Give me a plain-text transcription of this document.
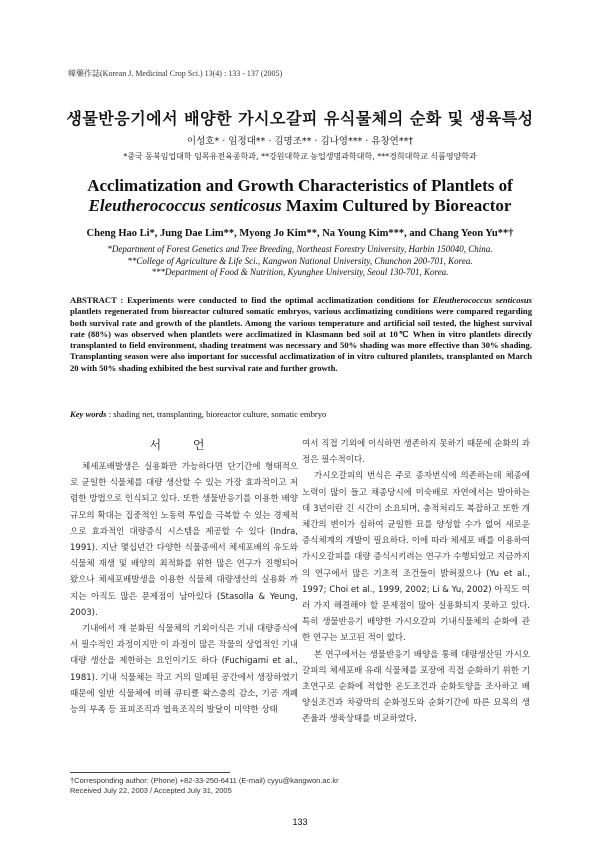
韓藥作誌(Korean J. Medicinal Crop Sci.) 13(4) : 133 - 137 (2005)
생물반응기에서 배양한 가시오갈피 유식물체의 순화 및 생육특성
이성호* · 임정대** · 김명조** · 김나영*** · 유창연**†
*중국 동북임업대학 임목유전육종학과, **강원대학교 농업생명과학대학, ***경희대학교 식품영양학과
Acclimatization and Growth Characteristics of Plantlets of
Eleutherococcus senticosus Maxim Cultured by Bioreactor
Cheng Hao Li*, Jung Dae Lim**, Myong Jo Kim**, Na Young Kim***, and Chang Yeon Yu**†
*Department of Forest Genetics and Tree Breeding, Northeast Forestry University, Harbin 150040, China.
**College of Agriculture & Life Sci., Kangwon National University, Chunchon 200-701, Korea.
***Department of Food & Nutrition, Kyunghee University, Seoul 130-701, Korea.
ABSTRACT : Experiments were conducted to find the optimal acclimatization conditions for Eleutherococcus senticosus plantlets regenerated from bioreactor cultured somatic embryos, various acclimatizing conditions were compared regarding both survival rate and growth of the plantlets. Among the various temperature and artificial soil tested, the highest survival rate (88%) was observed when plantlets were acclimatized in Klasmann bed soil at 10℃ When in vitro plantlets directly transplanted to field environment, shading treatment was necessary and 50% shading was more effective than 30% shading. Transplanting season were also important for successful acclimatization of in vitro cultured plantlets, transplanted on March 20 with 50% shading exhibited the best survival rate and further growth.
Key words : shading net, transplanting, bioreactor culture, somatic embryo
서 언

체세포배발생은 실용화만 가능하다면 단기간에 형태적으로 균일한 식물체를 대량 생산할 수 있는 가장 효과적이고 저렴한 방법으로 인식되고 있다. 또한 생물반응기를 이용한 배양 규모의 확대는 집중적인 노동력 투입을 극복할 수 있는 경제적으로 효과적인 대량증식 시스템을 제공할 수 있다 (Indra, 1991). 지난 몇십년간 다양한 식물종에서 체세포배의 유도와 식물체 재생 및 배양의 최적화를 위한 많은 연구가 진행되어 왔으나 체세포배발생을 이용한 식물체 대량생산의 실용화 까지는 아직도 많은 문제점이 남아있다 (Stasolla & Yeung, 2003).

기내에서 재 분화된 식물체의 기외이식은 기내 대량증식에서 필수적인 과정이지만 이 과정이 많은 작물의 상업적인 기내 대량 생산을 제한하는 요인이기도 하다 (Fuchigami et al., 1981). 기내 식물체는 작고 거의 밀폐된 공간에서 생장하였기 때문에 일반 식물체에 비해 큐티클 왁스층의 감소, 기공 개폐능의 부족 등 표피조직과 엽육조직의 발달이 미약한 상태

여서 직접 기외에 이식하면 생존하지 못하기 때문에 순화의 과정은 필수적이다.

가시오갈피의 번식은 주로 종자번식에 의존하는데 체종에 노력이 많이 들고 채종당시에 미숙배로 자연에서는 발아하는데 3년이란 긴 시간이 소요되며, 충적처리도 복잡하고 또한 개체간의 변이가 심하여 균일한 묘를 양성할 수가 없어 새로운 증식체계의 개발이 필요하다. 이에 따라 체세포 배를 이용하여 가시오갈피를 대량 증식시키려는 연구가 수행되었고 지금까지의 연구에서 많은 기초적 조건들이 밝혀졌으나 (Yu et al., 1997; Choi et al., 1999, 2002; Li & Yu, 2002) 아직도 여러 가지 해결해야 할 문제점이 많아 실용화되지 못하고 있다. 특히 생물반응기 배양한 가시오갈피 기내식물체의 순화에 관한 연구는 보고된 적이 없다.

본 연구에서는 생물반응기 배양을 통해 대량생산된 가시오갈피의 체세포배 유래 식물체를 포장에 직접 순화하기 위한 기초연구로 순화에 적합한 온도조건과 순화토양을 조사하고 배양실조건과 차광막의 순화정도와 순화기간에 따른 묘목의 생존율과 생육상태를 비교하였다.

†Corresponding author: (Phone) +82-33-250-6411 (E-mail) cyyu@kangwon.ac.kr
Received July 22, 2003 / Accepted July 31, 2005
133
